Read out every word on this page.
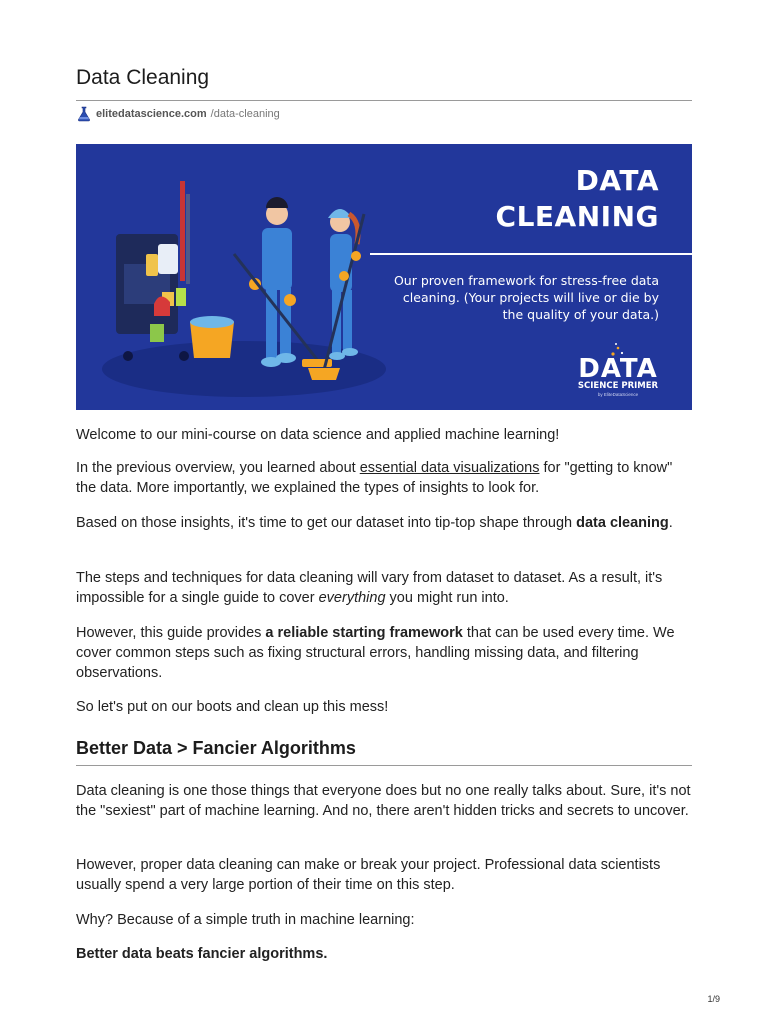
Data Cleaning
elitedatascience.com /data-cleaning
DATA
CLEANING
Our proven framework for stress-free data cleaning. (Your projects will live or die by the quality of your data.)
DATA
SCIENCE PRIMER
by EliteDataScience
Welcome to our mini-course on data science and applied machine learning!
In the previous overview, you learned about essential data visualizations for "getting to know" the data. More importantly, we explained the types of insights to look for.
Based on those insights, it's time to get our dataset into tip-top shape through data cleaning.
The steps and techniques for data cleaning will vary from dataset to dataset. As a result, it's impossible for a single guide to cover everything you might run into.
However, this guide provides a reliable starting framework that can be used every time. We cover common steps such as fixing structural errors, handling missing data, and filtering observations.
So let's put on our boots and clean up this mess!
Better Data > Fancier Algorithms
Data cleaning is one those things that everyone does but no one really talks about. Sure, it's not the "sexiest" part of machine learning. And no, there aren't hidden tricks and secrets to uncover.
However, proper data cleaning can make or break your project. Professional data scientists usually spend a very large portion of their time on this step.
Why? Because of a simple truth in machine learning:
Better data beats fancier algorithms.
1/9
